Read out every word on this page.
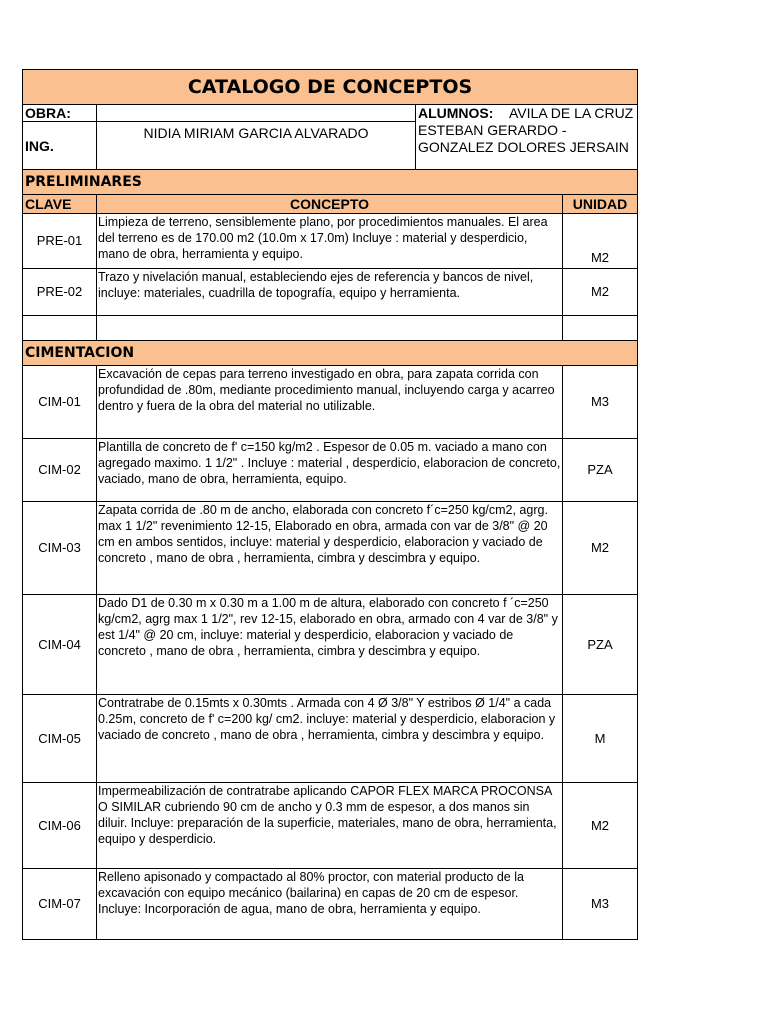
CATALOGO DE CONCEPTOS			
OBRA:		ALUMNOS: AVILA DE LA CRUZ ESTEBAN GERARDO - GONZALEZ DOLORES JERSAIN	

ING.	NIDIA MIRIAM GARCIA ALVARADO		
PRELIMINARES			
CLAVE	CONCEPTO		UNIDAD
PRE-01	Limpieza de terreno, sensiblemente plano, por procedimientos manuales. El area del terreno es de 170.00 m2 (10.0m x 17.0m) Incluye : material y desperdicio, mano de obra, herramienta y equipo.		M2
PRE-02	Trazo y nivelación manual, estableciendo ejes de referencia y bancos de nivel, incluye: materiales, cuadrilla de topografía, equipo y herramienta.		M2

CIMENTACION			
CIM-01	Excavación de cepas para terreno investigado en obra, para zapata corrida con profundidad de .80m, mediante procedimiento manual, incluyendo carga y acarreo dentro y fuera de la obra del material no utilizable.		M3
CIM-02	Plantilla de concreto de f' c=150 kg/m2 . Espesor de 0.05 m. vaciado a mano con agregado maximo. 1 1/2" . Incluye : material , desperdicio, elaboracion de concreto, vaciado, mano de obra, herramienta, equipo.		PZA
CIM-03	Zapata corrida de .80 m de ancho, elaborada con concreto f´c=250 kg/cm2, agrg. max 1 1/2" revenimiento 12-15, Elaborado en obra, armada con var de 3/8" @ 20 cm en ambos sentidos, incluye: material y desperdicio, elaboracion y vaciado de concreto , mano de obra , herramienta, cimbra y descimbra y equipo.		M2
CIM-04	Dado D1 de 0.30 m x 0.30 m a 1.00 m de altura, elaborado con concreto f ´c=250 kg/cm2, agrg max 1 1/2", rev 12-15, elaborado en obra, armado con 4 var de 3/8" y est 1/4" @ 20 cm, incluye: material y desperdicio, elaboracion y vaciado de concreto , mano de obra , herramienta, cimbra y descimbra y equipo.		PZA
CIM-05	Contratrabe de 0.15mts x 0.30mts . Armada con 4 Ø 3/8" Y estribos Ø 1/4" a cada 0.25m, concreto de f' c=200 kg/ cm2. incluye: material y desperdicio, elaboracion y vaciado de concreto , mano de obra , herramienta, cimbra y descimbra y equipo.		M
CIM-06	Impermeabilización de contratrabe aplicando CAPOR FLEX MARCA PROCONSA O SIMILAR cubriendo 90 cm de ancho y 0.3 mm de espesor, a dos manos sin diluir. Incluye: preparación de la superficie, materiales, mano de obra, herramienta, equipo y desperdicio.		M2
CIM-07	Relleno apisonado y compactado al 80% proctor, con material producto de la excavación con equipo mecánico (bailarina) en capas de 20 cm de espesor. Incluye: Incorporación de agua, mano de obra, herramienta y equipo.		M3
